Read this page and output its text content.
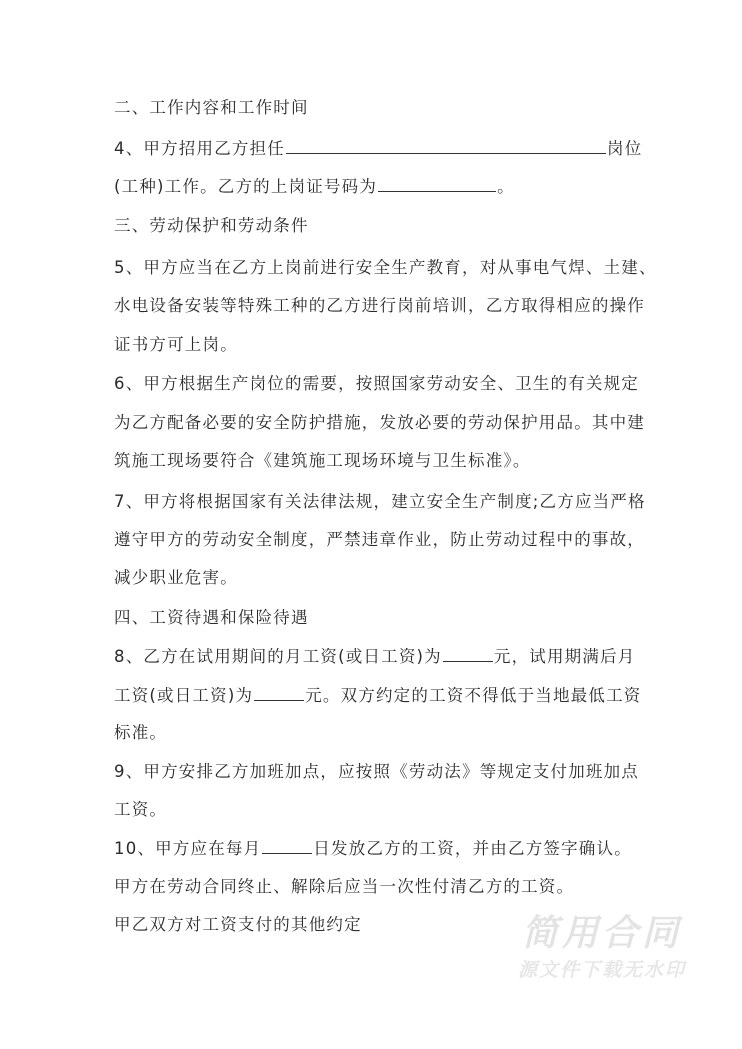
二、工作内容和工作时间
4、甲方招用乙方担任	岗位
(工种)工作。乙方的上岗证号码为	。
三、劳动保护和劳动条件
5、甲方应当在乙方上岗前进行安全生产教育，对从事电气焊、土建、
水电设备安装等特殊工种的乙方进行岗前培训，乙方取得相应的操作
证书方可上岗。
6、甲方根据生产岗位的需要，按照国家劳动安全、卫生的有关规定
为乙方配备必要的安全防护措施，发放必要的劳动保护用品。其中建
筑施工现场要符合《建筑施工现场环境与卫生标准》。
7、甲方将根据国家有关法律法规，建立安全生产制度;乙方应当严格
遵守甲方的劳动安全制度，严禁违章作业，防止劳动过程中的事故，
减少职业危害。
四、工资待遇和保险待遇
8、乙方在试用期间的月工资(或日工资)为	元，试用期满后月
工资(或日工资)为	元。双方约定的工资不得低于当地最低工资
标准。
9、甲方安排乙方加班加点，应按照《劳动法》等规定支付加班加点
工资。
10、甲方应在每月	日发放乙方的工资，并由乙方签字确认。
甲方在劳动合同终止、解除后应当一次性付清乙方的工资。
甲乙双方对工资支付的其他约定	简用合同
源文件下载无水印
